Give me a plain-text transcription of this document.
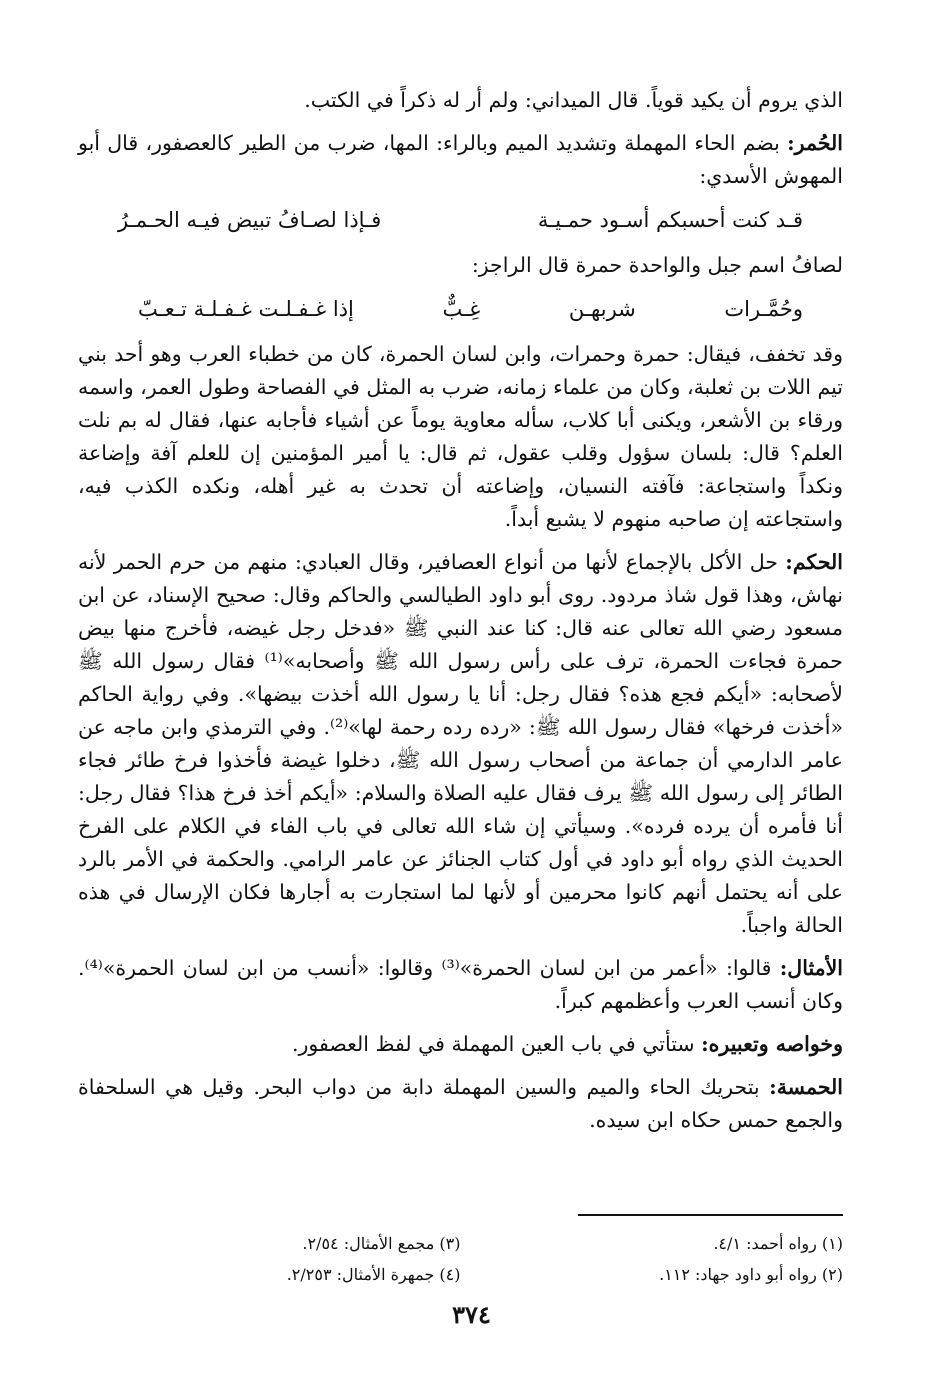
الذي يروم أن يكيد قوياً. قال الميداني: ولم أر له ذكراً في الكتب.

الحُمر: بضم الحاء المهملة وتشديد الميم وبالراء: المها، ضرب من الطير كالعصفور، قال أبو المهوش الأسدي:

قـد كنت أحسبكم أسـود حمـيـة
فـإذا لصـافُ تبيض فيـه الحـمـرُ

لصافُ اسم جبل والواحدة حمرة قال الراجز:

وحُمَّـرات
شربهـن
غِـبٌّ
إذا غـفـلـت غـفـلـة تـعـبّ

وقد تخفف، فيقال: حمرة وحمرات، وابن لسان الحمرة، كان من خطباء العرب وهو أحد بني تيم اللات بن ثعلبة، وكان من علماء زمانه، ضرب به المثل في الفصاحة وطول العمر، واسمه ورقاء بن الأشعر، ويكنى أبا كلاب، سأله معاوية يوماً عن أشياء فأجابه عنها، فقال له بم نلت العلم؟ قال: بلسان سؤول وقلب عقول، ثم قال: يا أمير المؤمنين إن للعلم آفة وإضاعة ونكداً واستجاعة: فآفته النسيان، وإضاعته أن تحدث به غير أهله، ونكده الكذب فيه، واستجاعته إن صاحبه منهوم لا يشبع أبداً.

الحكم: حل الأكل بالإجماع لأنها من أنواع العصافير، وقال العبادي: منهم من حرم الحمر لأنه نهاش، وهذا قول شاذ مردود. روى أبو داود الطيالسي والحاكم وقال: صحيح الإسناد، عن ابن مسعود رضي الله تعالى عنه قال: كنا عند النبي ﷺ «فدخل رجل غيضه، فأخرج منها بيض حمرة فجاءت الحمرة، ترف على رأس رسول الله ﷺ وأصحابه»⁽¹⁾ فقال رسول الله ﷺ لأصحابه: «أيكم فجع هذه؟ فقال رجل: أنا يا رسول الله أخذت بيضها». وفي رواية الحاكم «أخذت فرخها» فقال رسول الله ﷺ: «رده رده رحمة لها»⁽²⁾. وفي الترمذي وابن ماجه عن عامر الدارمي أن جماعة من أصحاب رسول الله ﷺ، دخلوا غيضة فأخذوا فرخ طائر فجاء الطائر إلى رسول الله ﷺ يرف فقال عليه الصلاة والسلام: «أيكم أخذ فرخ هذا؟ فقال رجل: أنا فأمره أن يرده فرده». وسيأتي إن شاء الله تعالى في باب الفاء في الكلام على الفرخ الحديث الذي رواه أبو داود في أول كتاب الجنائز عن عامر الرامي. والحكمة في الأمر بالرد على أنه يحتمل أنهم كانوا محرمين أو لأنها لما استجارت به أجارها فكان الإرسال في هذه الحالة واجباً.

الأمثال: قالوا: «أعمر من ابن لسان الحمرة»⁽³⁾ وقالوا: «أنسب من ابن لسان الحمرة»⁽⁴⁾. وكان أنسب العرب وأعظمهم كبراً.

وخواصه وتعبيره: ستأتي في باب العين المهملة في لفظ العصفور.

الحمسة: بتحريك الحاء والميم والسين المهملة دابة من دواب البحر. وقيل هي السلحفاة والجمع حمس حكاه ابن سيده.

(١) رواه أحمد: ٤/١.
(٣) مجمع الأمثال: ٢/٥٤.
(٢) رواه أبو داود جهاد: ١١٢.
(٤) جمهرة الأمثال: ٢/٢٥٣.
٣٧٤
